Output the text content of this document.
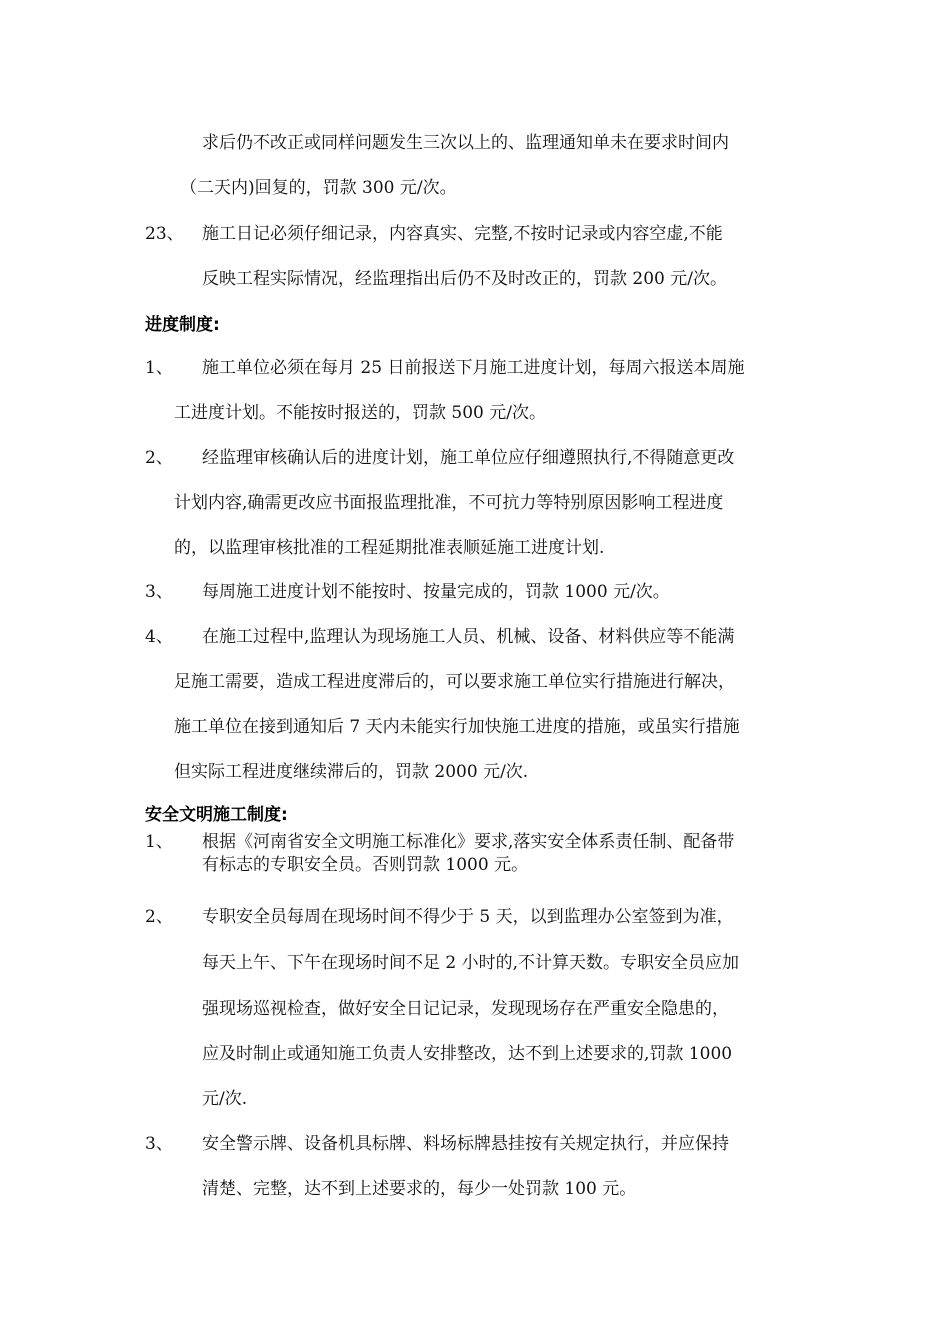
求后仍不改正或同样问题发生三次以上的、监理通知单未在要求时间内
（二天内)回复的，罚款 300 元/次。
23、 施工日记必须仔细记录，内容真实、完整,不按时记录或内容空虚,不能
反映工程实际情况，经监理指出后仍不及时改正的，罚款 200 元/次。
进度制度:
1、 施工单位必须在每月 25 日前报送下月施工进度计划，每周六报送本周施
工进度计划。不能按时报送的，罚款 500 元/次。
2、 经监理审核确认后的进度计划，施工单位应仔细遵照执行,不得随意更改
计划内容,确需更改应书面报监理批准，不可抗力等特别原因影响工程进度
的，以监理审核批准的工程延期批准表顺延施工进度计划.
3、 每周施工进度计划不能按时、按量完成的，罚款 1000 元/次。
4、 在施工过程中,监理认为现场施工人员、机械、设备、材料供应等不能满
足施工需要，造成工程进度滞后的，可以要求施工单位实行措施进行解决，
施工单位在接到通知后 7 天内未能实行加快施工进度的措施，或虽实行措施
但实际工程进度继续滞后的，罚款 2000 元/次.
安全文明施工制度:
1、 根据《河南省安全文明施工标准化》要求,落实安全体系责任制、配备带
有标志的专职安全员。否则罚款 1000 元。
2、 专职安全员每周在现场时间不得少于 5 天，以到监理办公室签到为准，
每天上午、下午在现场时间不足 2 小时的,不计算天数。专职安全员应加
强现场巡视检查，做好安全日记记录，发现现场存在严重安全隐患的，
应及时制止或通知施工负责人安排整改，达不到上述要求的,罚款 1000
元/次.
3、 安全警示牌、设备机具标牌、料场标牌悬挂按有关规定执行，并应保持
清楚、完整，达不到上述要求的，每少一处罚款 100 元。
